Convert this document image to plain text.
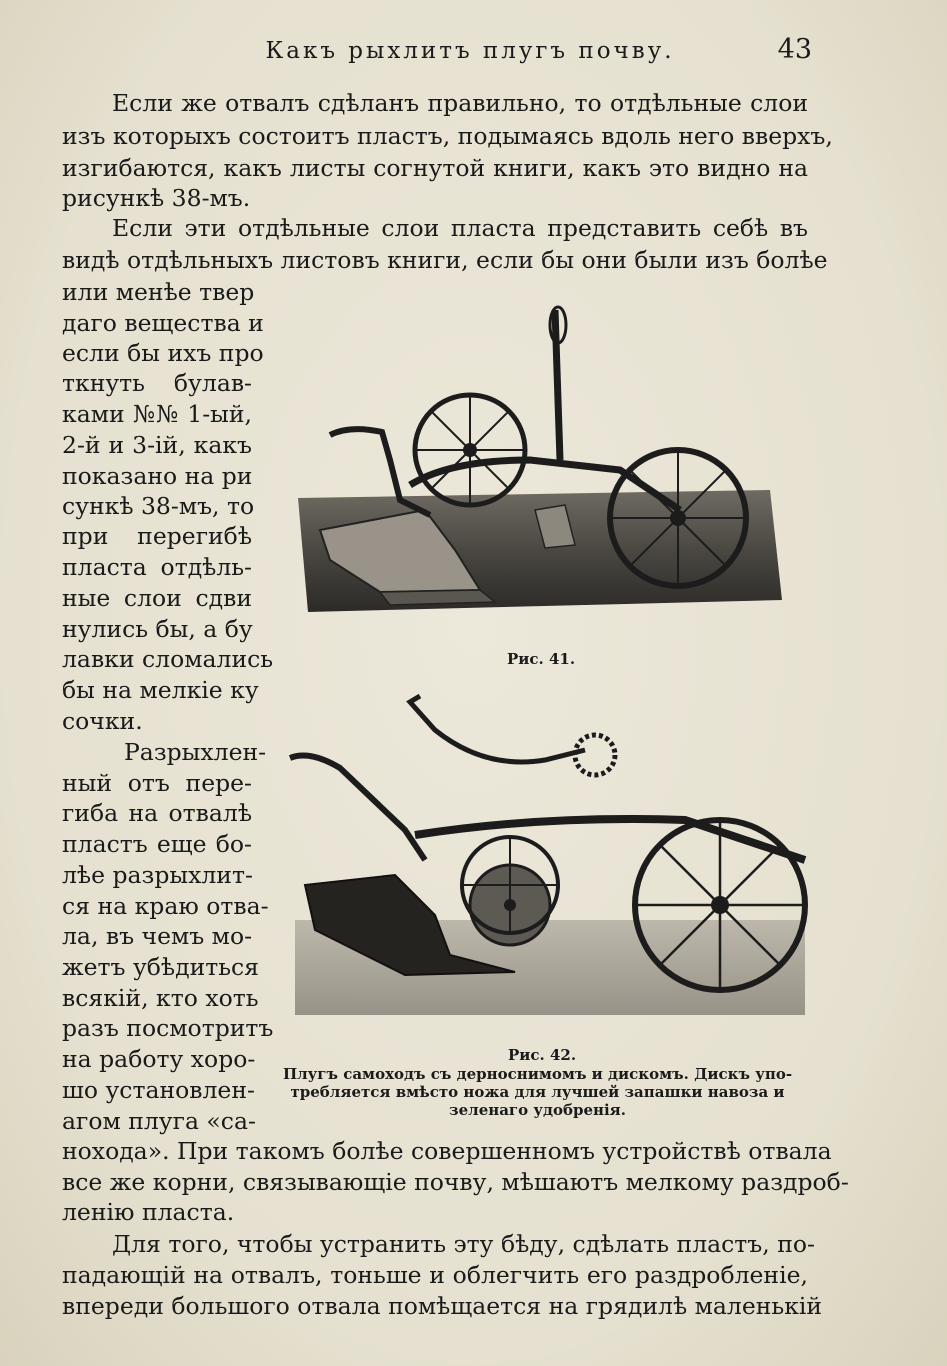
Какъ рыхлитъ плугъ почву.	43
Если же отвалъ сдѣланъ правильно, то отдѣльные слои
изъ которыхъ состоитъ пластъ, подымаясь вдоль него вверхъ,
изгибаются, какъ листы согнутой книги, какъ это видно на
рисункѣ 38-мъ.
Если эти отдѣльные слои пласта представить себѣ въ
видѣ отдѣльныхъ листовъ книги, если бы они были изъ болѣе
или менѣе твер
даго вещества и
если бы ихъ про
ткнуть булав-
ками №№ 1-ый,
2-й и 3-iй, какъ
показано на ри
сункѣ 38-мъ, то
при перегибѣ
пласта отдѣль-
ные слои сдви
нулись бы, а бу
лавки сломались
бы на мелкіе ку
сочки.
Разрыхлен-
ный отъ пере-
гиба на отвалѣ
пластъ еще бо-
лѣе разрыхлит-
ся на краю отва-
ла, въ чемъ мо-
жетъ убѣдиться
всякій, кто хоть
разъ посмотритъ
на работу хоро-
шо установлен-
агом плуга «са-
нохода». При такомъ болѣе совершенномъ устройствѣ отвала
все же корни, связывающіе почву, мѣшаютъ мелкому раздроб-
ленію пласта.
Для того, чтобы устранить эту бѣду, сдѣлать пластъ, по-
падающій на отвалъ, тоньше и облегчить его раздробленіе,
впереди большого отвала помѣщается на грядилѣ маленькій
Рис. 41.
Рис. 42.
Плугъ самоходъ съ дерноснимомъ и дискомъ. Дискъ упо-
требляется вмѣсто ножа для лучшей запашки навоза и
зеленаго удобренія.
